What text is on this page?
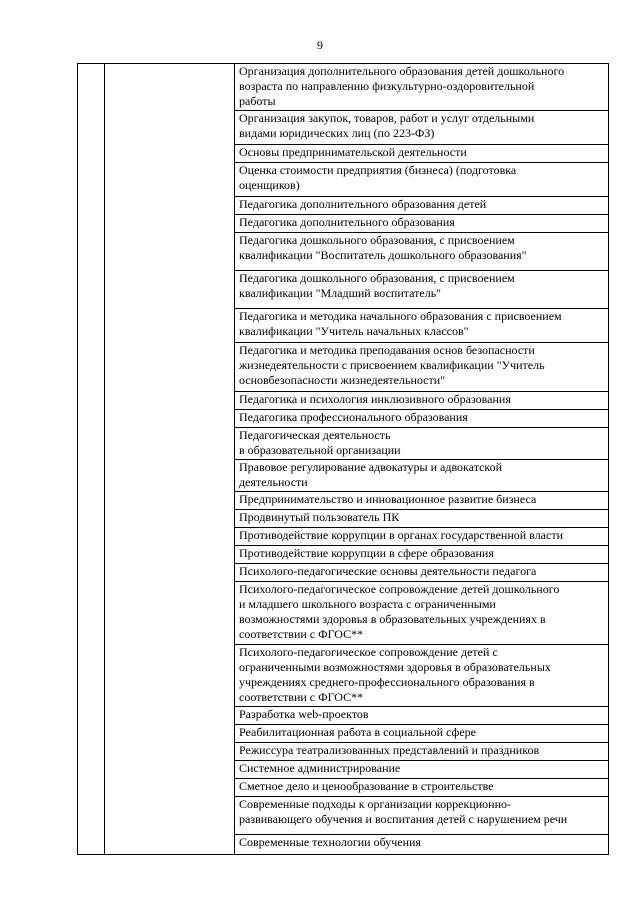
9

Организация дополнительного образования детей дошкольного
возраста по направлению физкультурно-оздоровительной
работы

Организация закупок, товаров, работ и услуг отдельными
видами юридических лиц (по 223-ФЗ)

Основы предпринимательской деятельности

Оценка стоимости предприятия (бизнеса) (подготовка
оценщиков)

Педагогика дополнительного образования детей

Педагогика дополнительного образования

Педагогика дошкольного образования, с присвоением
квалификации "Воспитатель дошкольного образования"

Педагогика дошкольного образования, с присвоением
квалификации "Младший воспитатель"

Педагогика и методика начального образования с присвоением
квалификации "Учитель начальных классов"

Педагогика и методика преподавания основ безопасности
жизнедеятельности с присвоением квалификации "Учитель
основбезопасности жизнедеятельности"

Педагогика и психология инклюзивного образования

Педагогика профессионального образования

Педагогическая деятельность
в образовательной организации

Правовое регулирование адвокатуры и адвокатской
деятельности

Предпринимательство и инновационное развитие бизнеса

Продвинутый пользователь ПК

Противодействие коррупции в органах государственной власти

Противодействие коррупции в сфере образования

Психолого-педагогические основы деятельности педагога

Психолого-педагогическое сопровождение детей дошкольного
и младшего школьного возраста с ограниченными
возможностями здоровья в образовательных учреждениях в
соответствии с ФГОС**

Психолого-педагогическое сопровождение детей с
ограниченными возможностями здоровья в образовательных
учреждениях среднего-профессионального образования в
соответствии с ФГОС**

Разработка web-проектов

Реабилитационная работа в социальной сфере

Режиссура театрализованных представлений и праздников

Системное администрирование

Сметное дело и ценообразование в строительстве

Современные подходы к организации коррекционно-
развивающего обучения и воспитания детей с нарушением речи

Современные технологии обучения
